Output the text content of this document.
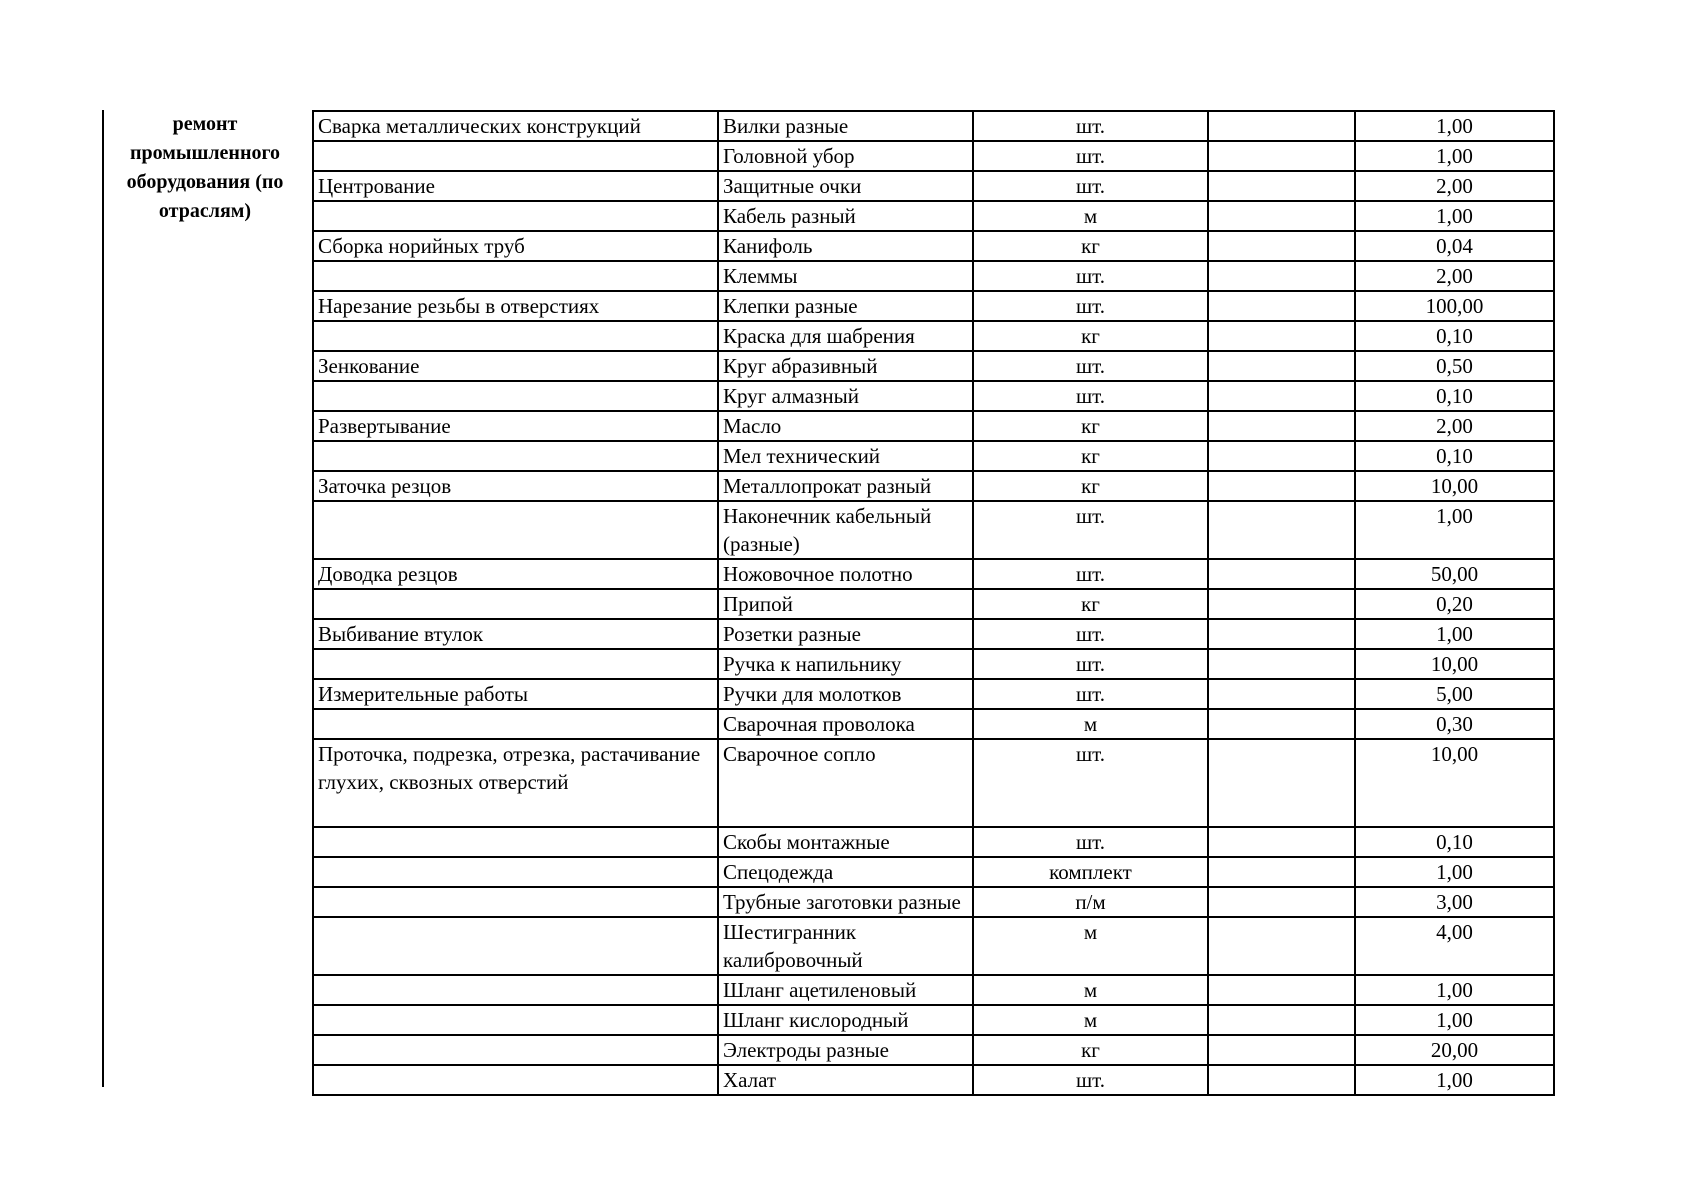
ремонт
промышленного
оборудования (по
отраслям)
Сварка металлических конструкций	Вилки разные	шт.		1,00
	Головной убор	шт.		1,00
Центрование	Защитные очки	шт.		2,00
	Кабель разный	м		1,00
Сборка норийных труб	Канифоль	кг		0,04
	Клеммы	шт.		2,00
Нарезание резьбы в отверстиях	Клепки разные	шт.		100,00
	Краска для шабрения	кг		0,10
Зенкование	Круг абразивный	шт.		0,50
	Круг алмазный	шт.		0,10
Развертывание	Масло	кг		2,00
	Мел технический	кг		0,10
Заточка резцов	Металлопрокат разный	кг		10,00
	Наконечник кабельный (разные)	шт.		1,00
Доводка резцов	Ножовочное полотно	шт.		50,00
	Припой	кг		0,20
Выбивание втулок	Розетки разные	шт.		1,00
	Ручка к напильнику	шт.		10,00
Измерительные работы	Ручки для молотков	шт.		5,00
	Сварочная проволока	м		0,30
Проточка, подрезка, отрезка, растачивание глухих, сквозных отверстий	Сварочное сопло	шт.		10,00
	Скобы монтажные	шт.		0,10
	Спецодежда	комплект		1,00
	Трубные заготовки разные	п/м		3,00
	Шестигранник калибровочный	м		4,00
	Шланг ацетиленовый	м		1,00
	Шланг кислородный	м		1,00
	Электроды разные	кг		20,00
	Халат	шт.		1,00
